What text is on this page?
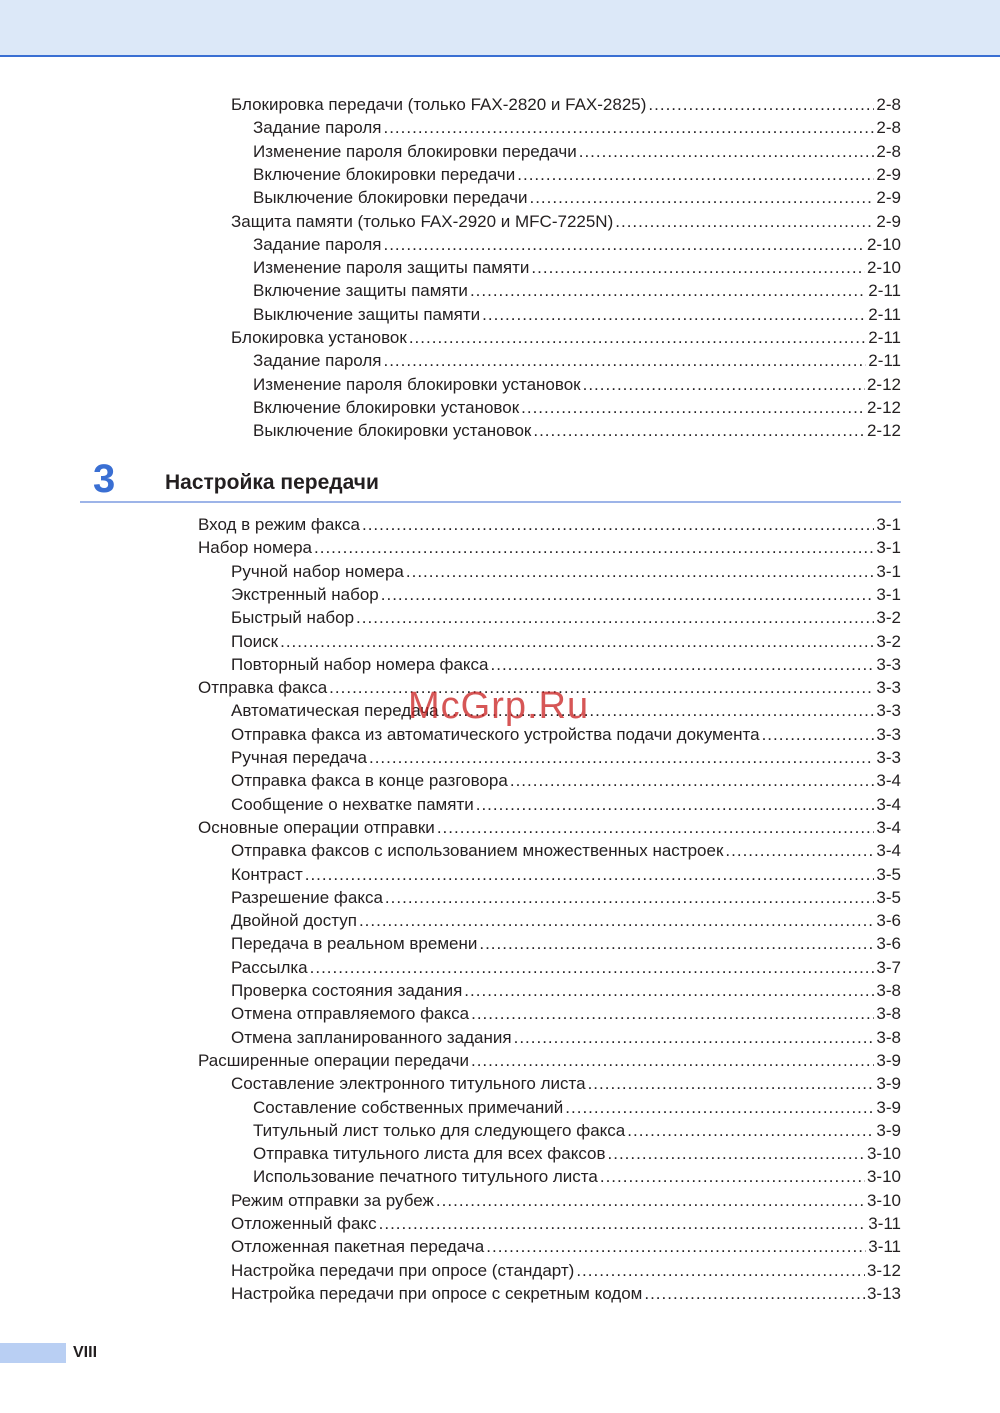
Блокировка передачи (только FAX-2820 и FAX-2825) .....	2-8
Задание пароля .....	2-8
Изменение пароля блокировки передачи .....	2-8
Включение блокировки передачи .....	2-9
Выключение блокировки передачи .....	2-9
Защита памяти (только FAX-2920 и MFC-7225N) .....	2-9
Задание пароля .....	2-10
Изменение пароля защиты памяти .....	2-10
Включение защиты памяти .....	2-11
Выключение защиты памяти .....	2-11
Блокировка установок .....	2-11
Задание пароля .....	2-11
Изменение пароля блокировки установок .....	2-12
Включение блокировки установок .....	2-12
Выключение блокировки установок .....	2-12
3 Настройка передачи
Вход в режим факса .....	3-1
Набор номера .....	3-1
Ручной набор номера .....	3-1
Экстренный набор .....	3-1
Быстрый набор .....	3-2
Поиск .....	3-2
Повторный набор номера факса .....	3-3
Отправка факса .....	3-3
Автоматическая передача .....	3-3
Отправка факса из автоматического устройства подачи документа .....	3-3
Ручная передача .....	3-3
Отправка факса в конце разговора .....	3-4
Сообщение о нехватке памяти .....	3-4
Основные операции отправки .....	3-4
Отправка факсов с использованием множественных настроек .....	3-4
Контраст .....	3-5
Разрешение факса .....	3-5
Двойной доступ .....	3-6
Передача в реальном времени .....	3-6
Рассылка .....	3-7
Проверка состояния задания .....	3-8
Отмена отправляемого факса .....	3-8
Отмена запланированного задания .....	3-8
Расширенные операции передачи .....	3-9
Составление электронного титульного листа .....	3-9
Составление собственных примечаний .....	3-9
Титульный лист только для следующего факса .....	3-9
Отправка титульного листа для всех факсов .....	3-10
Использование печатного титульного листа .....	3-10
Режим отправки за рубеж .....	3-10
Отложенный факс .....	3-11
Отложенная пакетная передача .....	3-11
Настройка передачи при опросе (стандарт) .....	3-12
Настройка передачи при опросе с секретным кодом .....	3-13
McGrp.Ru
VIII
